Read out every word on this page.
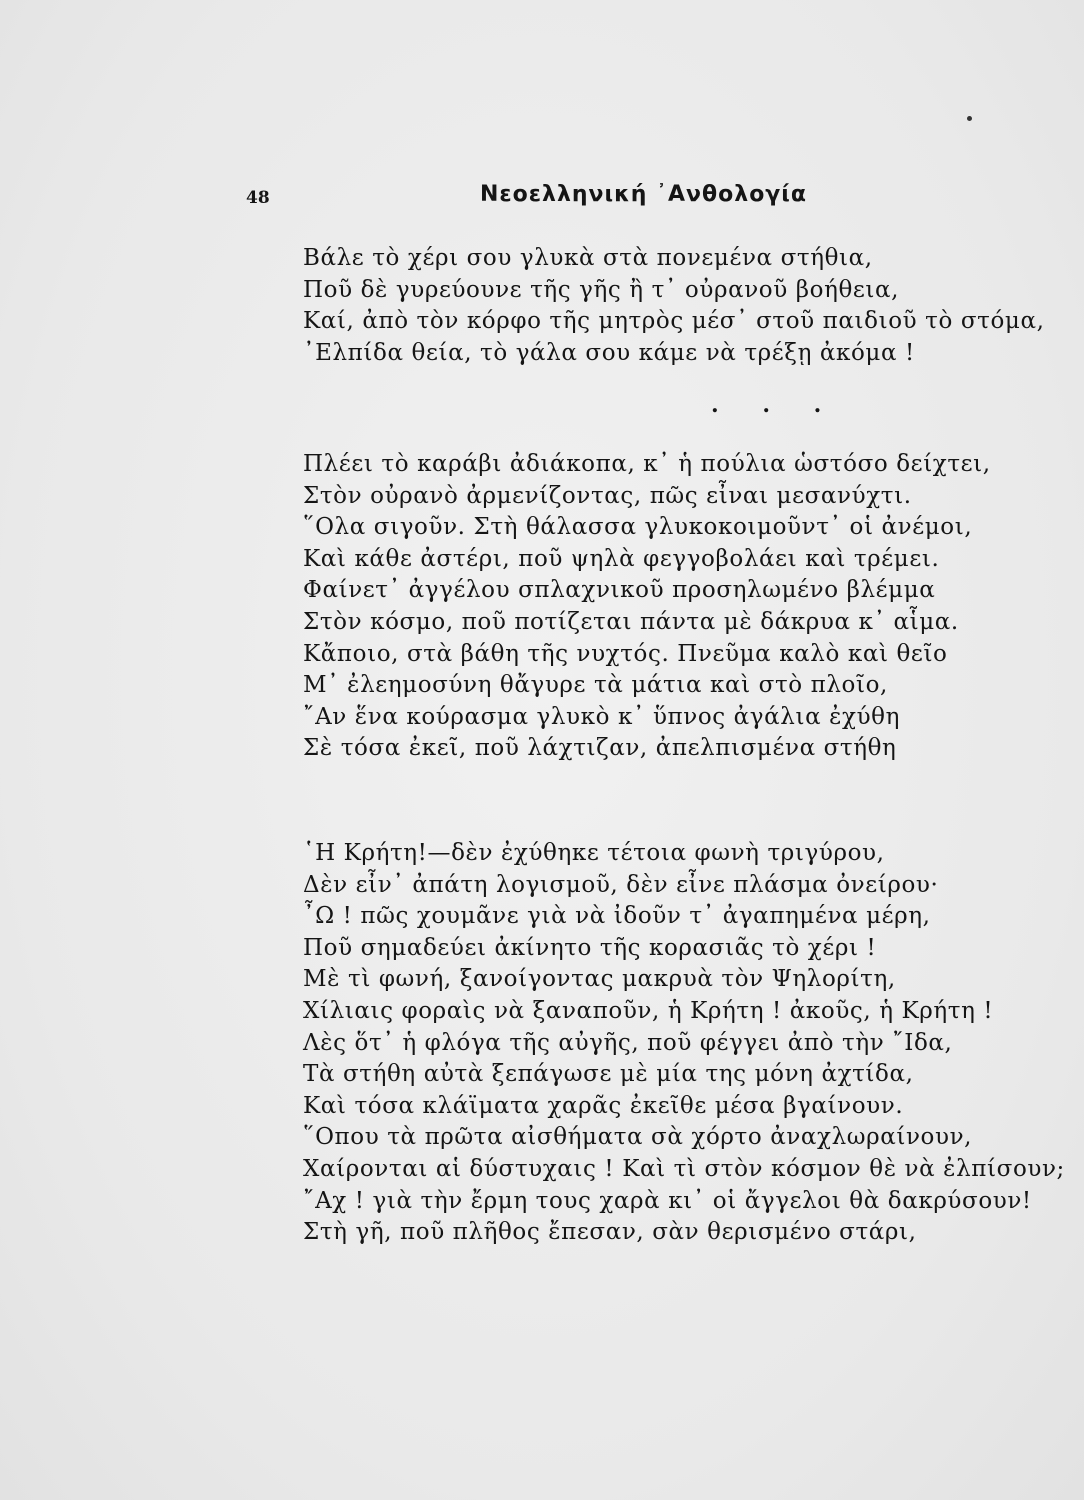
48	Νεοελληνική ᾽Ανθολογία
Βάλε τὸ χέρι σου γλυκὰ στὰ πονεμένα στήθια,
Ποῦ δὲ γυρεύουνε τῆς γῆς ἢ τ᾽ οὐρανοῦ βοήθεια,
Καί, ἀπὸ τὸν κόρφο τῆς μητρὸς μέσ᾽ στοῦ παιδιοῦ τὸ στόμα,
᾽Ελπίδα θεία, τὸ γάλα σου κάμε νὰ τρέξῃ ἀκόμα !
. . .
Πλέει τὸ καράβι ἀδιάκοπα, κ᾽ ἡ πούλια ὡστόσο δείχτει,
Στὸν οὐρανὸ ἀρμενίζοντας, πῶς εἶναι μεσανύχτι.
῞Ολα σιγοῦν. Στὴ θάλασσα γλυκοκοιμοῦντ᾽ οἱ ἀνέμοι,
Καὶ κάθε ἀστέρι, ποῦ ψηλὰ φεγγοβολάει καὶ τρέμει.
Φαίνετ᾽ ἀγγέλου σπλαχνικοῦ προσηλωμένο βλέμμα
Στὸν κόσμο, ποῦ ποτίζεται πάντα μὲ δάκρυα κ᾽ αἷμα.
Κἄποιο, στὰ βάθη τῆς νυχτός. Πνεῦμα καλὸ καὶ θεῖο
Μ᾽ ἐλεημοσύνη θἄγυρε τὰ μάτια καὶ στὸ πλοῖο,
῎Αν ἕνα κούρασμα γλυκὸ κ᾽ ὕπνος ἀγάλια ἐχύθη
Σὲ τόσα ἐκεῖ, ποῦ λάχτιζαν, ἀπελπισμένα στήθη
῾Η Κρήτη!—δὲν ἐχύθηκε τέτοια φωνὴ τριγύρου,
Δὲν εἶν᾽ ἀπάτη λογισμοῦ, δὲν εἶνε πλάσμα ὀνείρου·
῏Ω ! πῶς χουμᾶνε γιὰ νὰ ἰδοῦν τ᾽ ἀγαπημένα μέρη,
Ποῦ σημαδεύει ἀκίνητο τῆς κορασιᾶς τὸ χέρι !
Μὲ τὶ φωνή, ξανοίγοντας μακρυὰ τὸν Ψηλορίτη,
Χίλιαις φοραὶς νὰ ξαναποῦν, ἡ Κρήτη ! ἀκοῦς, ἡ Κρήτη !
Λὲς ὅτ᾽ ἡ φλόγα τῆς αὐγῆς, ποῦ φέγγει ἀπὸ τὴν ῎Ιδα,
Τὰ στήθη αὐτὰ ξεπάγωσε μὲ μία της μόνη ἀχτίδα,
Καὶ τόσα κλάϊματα χαρᾶς ἐκεῖθε μέσα βγαίνουν.
῞Οπου τὰ πρῶτα αἰσθήματα σὰ χόρτο ἀναχλωραίνουν,
Χαίρονται αἱ δύστυχαις ! Καὶ τὶ στὸν κόσμον θὲ νὰ ἐλπίσουν;
῎Αχ ! γιὰ τὴν ἔρμη τους χαρὰ κι᾽ οἱ ἄγγελοι θὰ δακρύσουν!
Στὴ γῆ, ποῦ πλῆθος ἔπεσαν, σὰν θερισμένο στάρι,
